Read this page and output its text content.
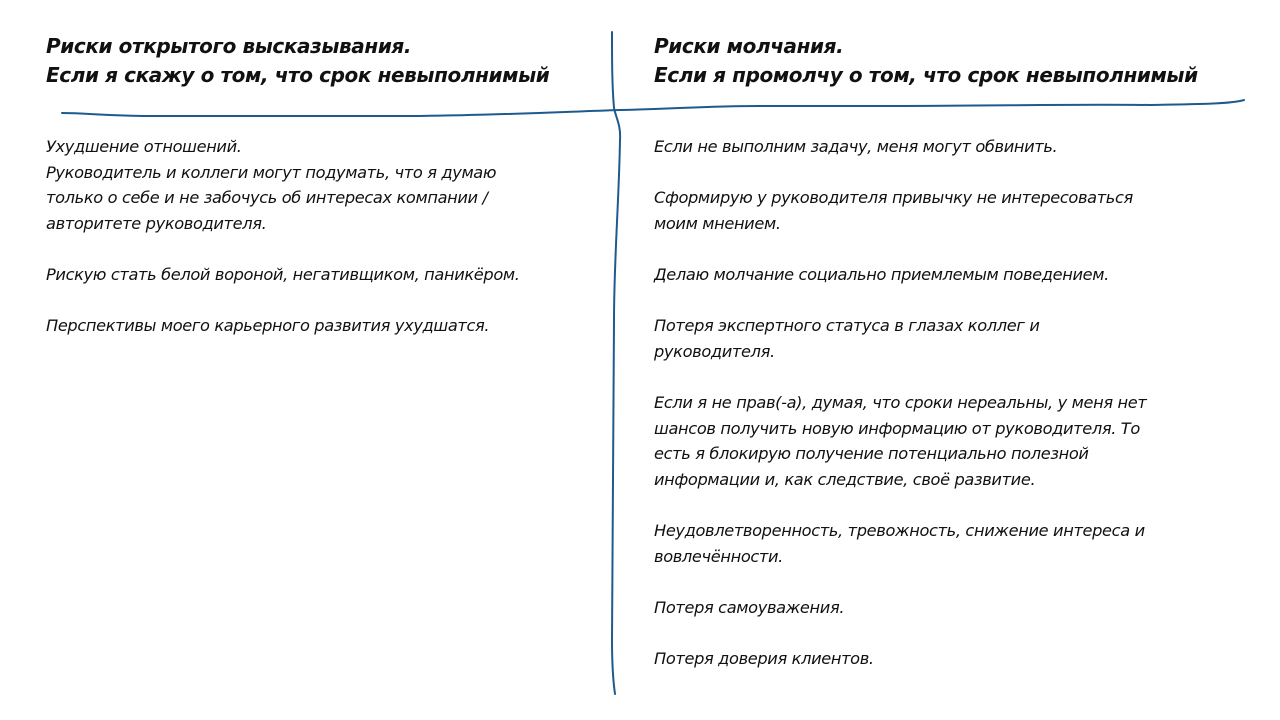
Риски открытого высказывания.
Если я скажу о том, что срок невыполнимый
Риски молчания.
Если я промолчу о том, что срок невыполнимый
Ухудшение отношений.
Руководитель и коллеги могут подумать, что я думаю
только о себе и не забочусь об интересах компании /
авторитете руководителя.
Рискую стать белой вороной, негативщиком, паникёром.
Перспективы моего карьерного развития ухудшатся.
Если не выполним задачу, меня могут обвинить.
Сформирую у руководителя привычку не интересоваться
моим мнением.
Делаю молчание социально приемлемым поведением.
Потеря экспертного статуса в глазах коллег и
руководителя.
Если я не прав(-а), думая, что сроки нереальны, у меня нет
шансов получить новую информацию от руководителя. То
есть я блокирую получение потенциально полезной
информации и, как следствие, своё развитие.
Неудовлетворенность, тревожность, снижение интереса и
вовлечённости.
Потеря самоуважения.
Потеря доверия клиентов.
